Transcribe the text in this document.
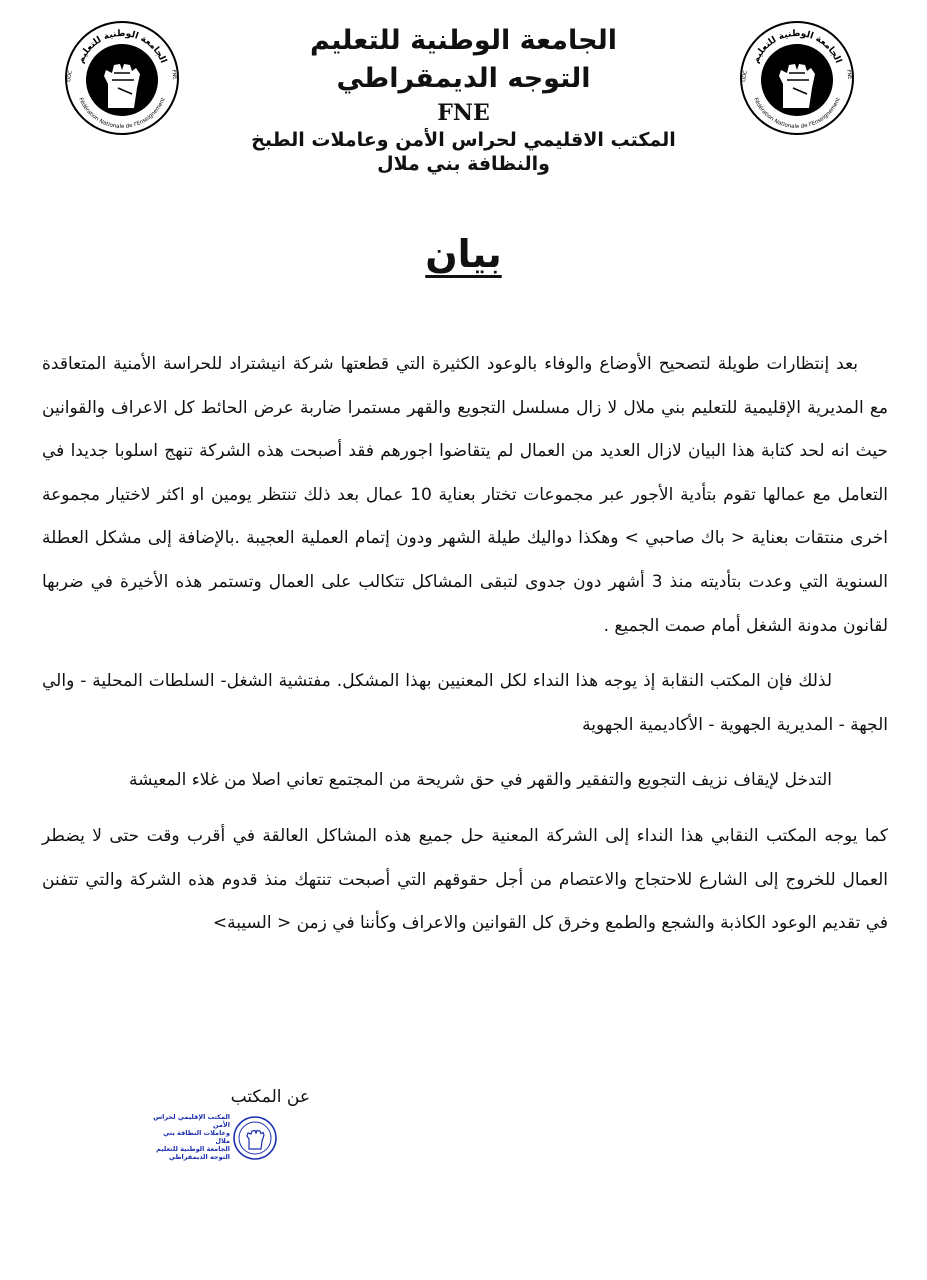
الجامعة الوطنية للتعليم
Fédération Nationale de l'Enseignement
ODC	FNE
الجامعة الوطنية للتعليم
Fédération Nationale de l'Enseignement
ODC	FNE
الجامعة الوطنية للتعليم
التوجه الديمقراطي
FNE
المكتب الاقليمي لحراس الأمن وعاملات الطبخ
والنظافة بني ملال
بيان

بعد إنتظارات طويلة لتصحيح الأوضاع والوفاء بالوعود الكثيرة التي قطعتها شركة انيشتراد للحراسة الأمنية المتعاقدة مع المديرية الإقليمية للتعليم بني ملال لا زال مسلسل التجويع والقهر مستمرا ضاربة عرض الحائط كل الاعراف والقوانين حيث انه لحد كتابة هذا البيان لازال العديد من العمال لم يتقاضوا اجورهم فقد أصبحت هذه الشركة تنهج اسلوبا جديدا في التعامل مع عمالها تقوم بتأدية الأجور عبر مجموعات تختار بعناية 10 عمال بعد ذلك تنتظر يومين او اكثر لاختيار مجموعة اخرى منتقات بعناية < باك صاحبي > وهكذا دواليك طيلة الشهر ودون إتمام العملية العجيبة .بالإضافة إلى مشكل العطلة السنوية التي وعدت بتأديته منذ 3 أشهر دون جدوى لتبقى المشاكل تتكالب على العمال وتستمر هذه الأخيرة في ضربها لقانون مدونة الشغل أمام صمت الجميع .

لذلك فإن المكتب النقابة إذ يوجه هذا النداء لكل المعنيين بهذا المشكل. مفتشية الشغل- السلطات المحلية - والي الجهة - المديرية الجهوية - الأكاديمية الجهوية

التدخل لإيقاف نزيف التجويع والتفقير والقهر في حق شريحة من المجتمع تعاني اصلا من غلاء المعيشة

كما يوجه المكتب النقابي هذا النداء إلى الشركة المعنية حل جميع هذه المشاكل العالقة في أقرب وقت حتى لا يضطر العمال للخروج إلى الشارع للاحتجاج والاعتصام من أجل حقوقهم التي أصبحت تنتهك منذ قدوم هذه الشركة والتي تتفنن في تقديم الوعود الكاذبة والشجع والطمع وخرق كل القوانين والاعراف وكأننا في زمن < السيبة>

عن المكتب
المكتب الإقليمي لحراس الأمن
وعاملات النظافة بني ملال
الجامعة الوطنية للتعليم
التوجه الديمقراطي
